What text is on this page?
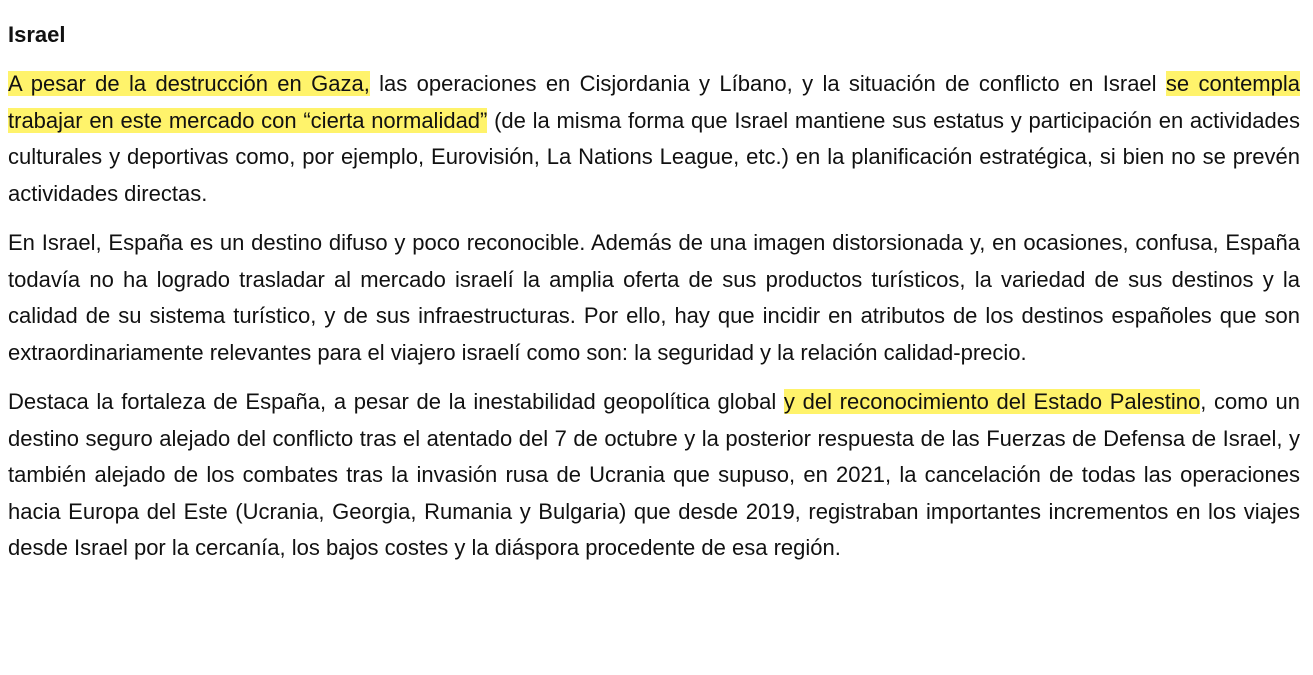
Israel

A pesar de la destrucción en Gaza, las operaciones en Cisjordania y Líbano, y la situación de conflicto en Israel se contempla trabajar en este mercado con “cierta normalidad” (de la misma forma que Israel mantiene sus estatus y participación en actividades culturales y deportivas como, por ejemplo, Eurovisión, La Nations League, etc.) en la planificación estratégica, si bien no se prevén actividades directas.

En Israel, España es un destino difuso y poco reconocible. Además de una imagen distorsionada y, en ocasiones, confusa, España todavía no ha logrado trasladar al mercado israelí la amplia oferta de sus productos turísticos, la variedad de sus destinos y la calidad de su sistema turístico, y de sus infraestructuras. Por ello, hay que incidir en atributos de los destinos españoles que son extraordinariamente relevantes para el viajero israelí como son: la seguridad y la relación calidad-precio.

Destaca la fortaleza de España, a pesar de la inestabilidad geopolítica global y del reconocimiento del Estado Palestino, como un destino seguro alejado del conflicto tras el atentado del 7 de octubre y la posterior respuesta de las Fuerzas de Defensa de Israel, y también alejado de los combates tras la invasión rusa de Ucrania que supuso, en 2021, la cancelación de todas las operaciones hacia Europa del Este (Ucrania, Georgia, Rumania y Bulgaria) que desde 2019, registraban importantes incrementos en los viajes desde Israel por la cercanía, los bajos costes y la diáspora procedente de esa región.
